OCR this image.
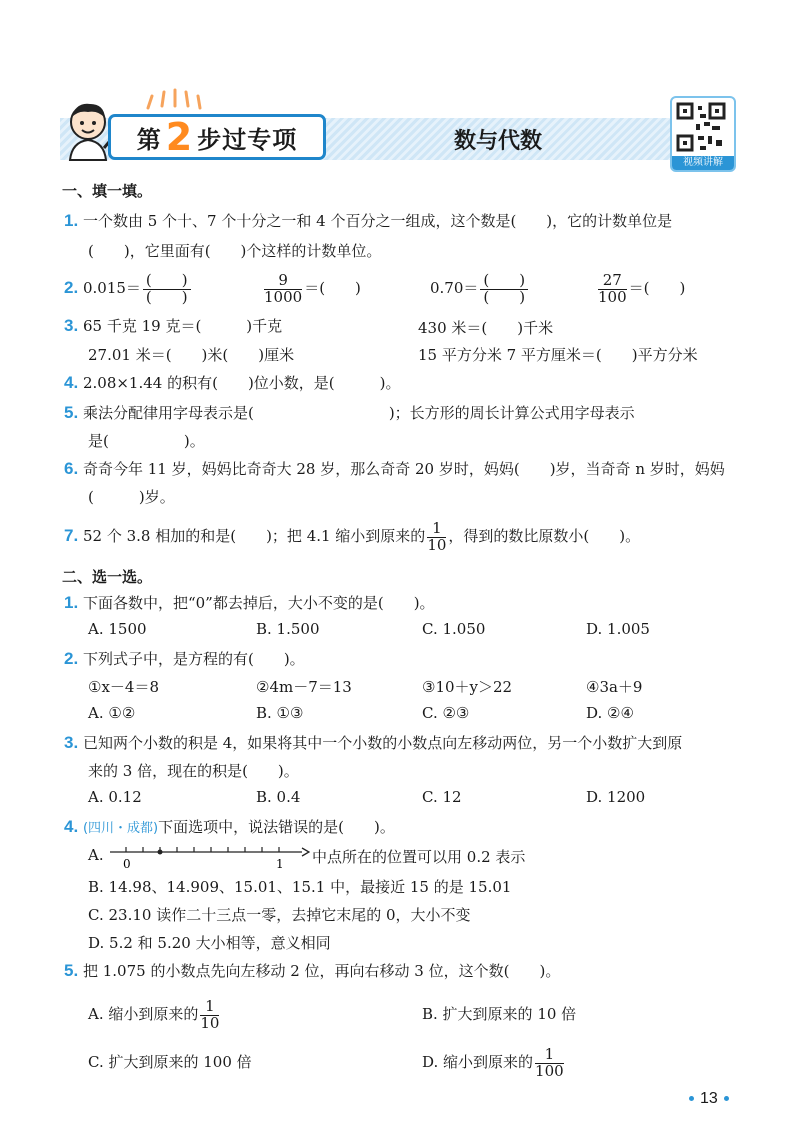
第 2 步过专项	数与代数
视频讲解
一、填一填。
1. 一个数由 5 个十、7 个十分之一和 4 个百分之一组成，这个数是(　　)，它的计数单位是
(　　)，它里面有(　　)个这样的计数单位。
2. $0.015= \frac{( )}{( )}$	$\frac{9}{1000}$ ＝(　　)	$0.70= \frac{( )}{( )}$	$\frac{27}{100}$ ＝(　　)
3. 65 千克 19 克＝(　　　)千克	430 米＝(　　)千米
27.01 米＝(　　)米(　　)厘米	15 平方分米 7 平方厘米＝(　　)平方分米
4. 2.08×1.44 的积有(　　)位小数，是(　　　)。
5. 乘法分配律用字母表示是(　　　　　　　　　)；长方形的周长计算公式用字母表示
是(　　　　　)。
6. 奇奇今年 11 岁，妈妈比奇奇大 28 岁，那么奇奇 20 岁时，妈妈(　　)岁，当奇奇 n 岁时，妈妈
(　　　)岁。
7. 52 个 3.8 相加的和是(　　)；把 4.1 缩小到原来的 $\frac{1}{10}$ ，得到的数比原数小(　　)。
二、选一选。
1. 下面各数中，把“0”都去掉后，大小不变的是(　　)。
A. 1500	B. 1.500	C. 1.050	D. 1.005
2. 下列式子中，是方程的有(　　)。
①x－4＝8	②4m－7＝13	③10＋y＞22	④3a＋9
A. ①②	B. ①③	C. ②③	D. ②④
3. 已知两个小数的积是 4，如果将其中一个小数的小数点向左移动两位，另一个小数扩大到原
来的 3 倍，现在的积是(　　)。
A. 0.12	B. 0.4	C. 12	D. 1200
4. (四川・成都)下面选项中，说法错误的是(　　)。
A. 0	1 中点所在的位置可以用 0.2 表示
B. 14.98、14.909、15.01、15.1 中，最接近 15 的是 15.01
C. 23.10 读作二十三点一零，去掉它末尾的 0，大小不变
D. 5.2 和 5.20 大小相等，意义相同
5. 把 1.075 的小数点先向左移动 2 位，再向右移动 3 位，这个数(　　)。
A. 缩小到原来的 $\frac{1}{10}$	B. 扩大到原来的 10 倍
C. 扩大到原来的 100 倍	D. 缩小到原来的 $\frac{1}{100}$
13
